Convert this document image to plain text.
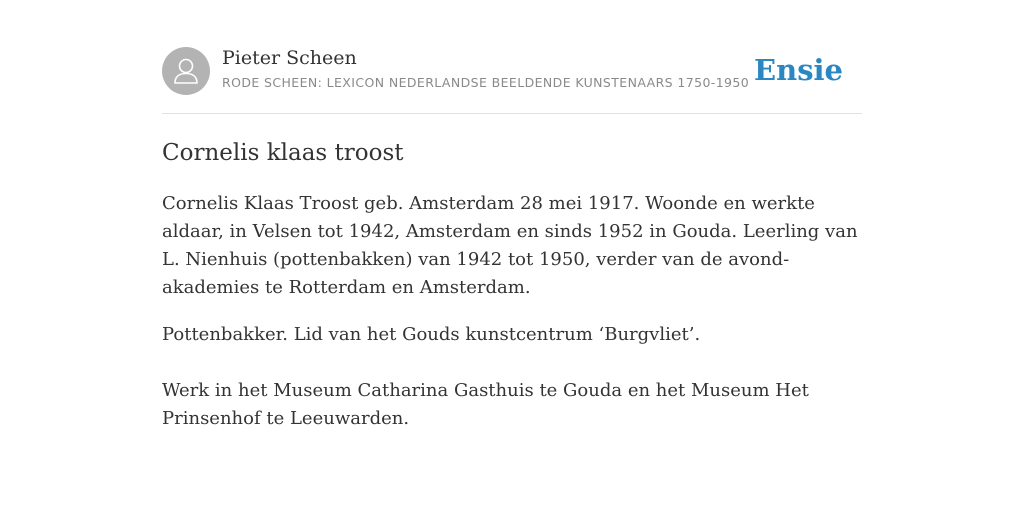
Pieter Scheen
RODE SCHEEN: LEXICON NEDERLANDSE BEELDENDE KUNSTENAARS 1750-1950 Ensie
Cornelis klaas troost

Cornelis Klaas Troost geb. Amsterdam 28 mei 1917. Woonde en werkte aldaar, in Velsen tot 1942, Amsterdam en sinds 1952 in Gouda. Leerling van L. Nienhuis (pottenbakken) van 1942 tot 1950, verder van de avond-akademies te Rotterdam en Amsterdam.

Pottenbakker. Lid van het Gouds kunstcentrum ‘Burgvliet’.

Werk in het Museum Catharina Gasthuis te Gouda en het Museum Het Prinsenhof te Leeuwarden.
